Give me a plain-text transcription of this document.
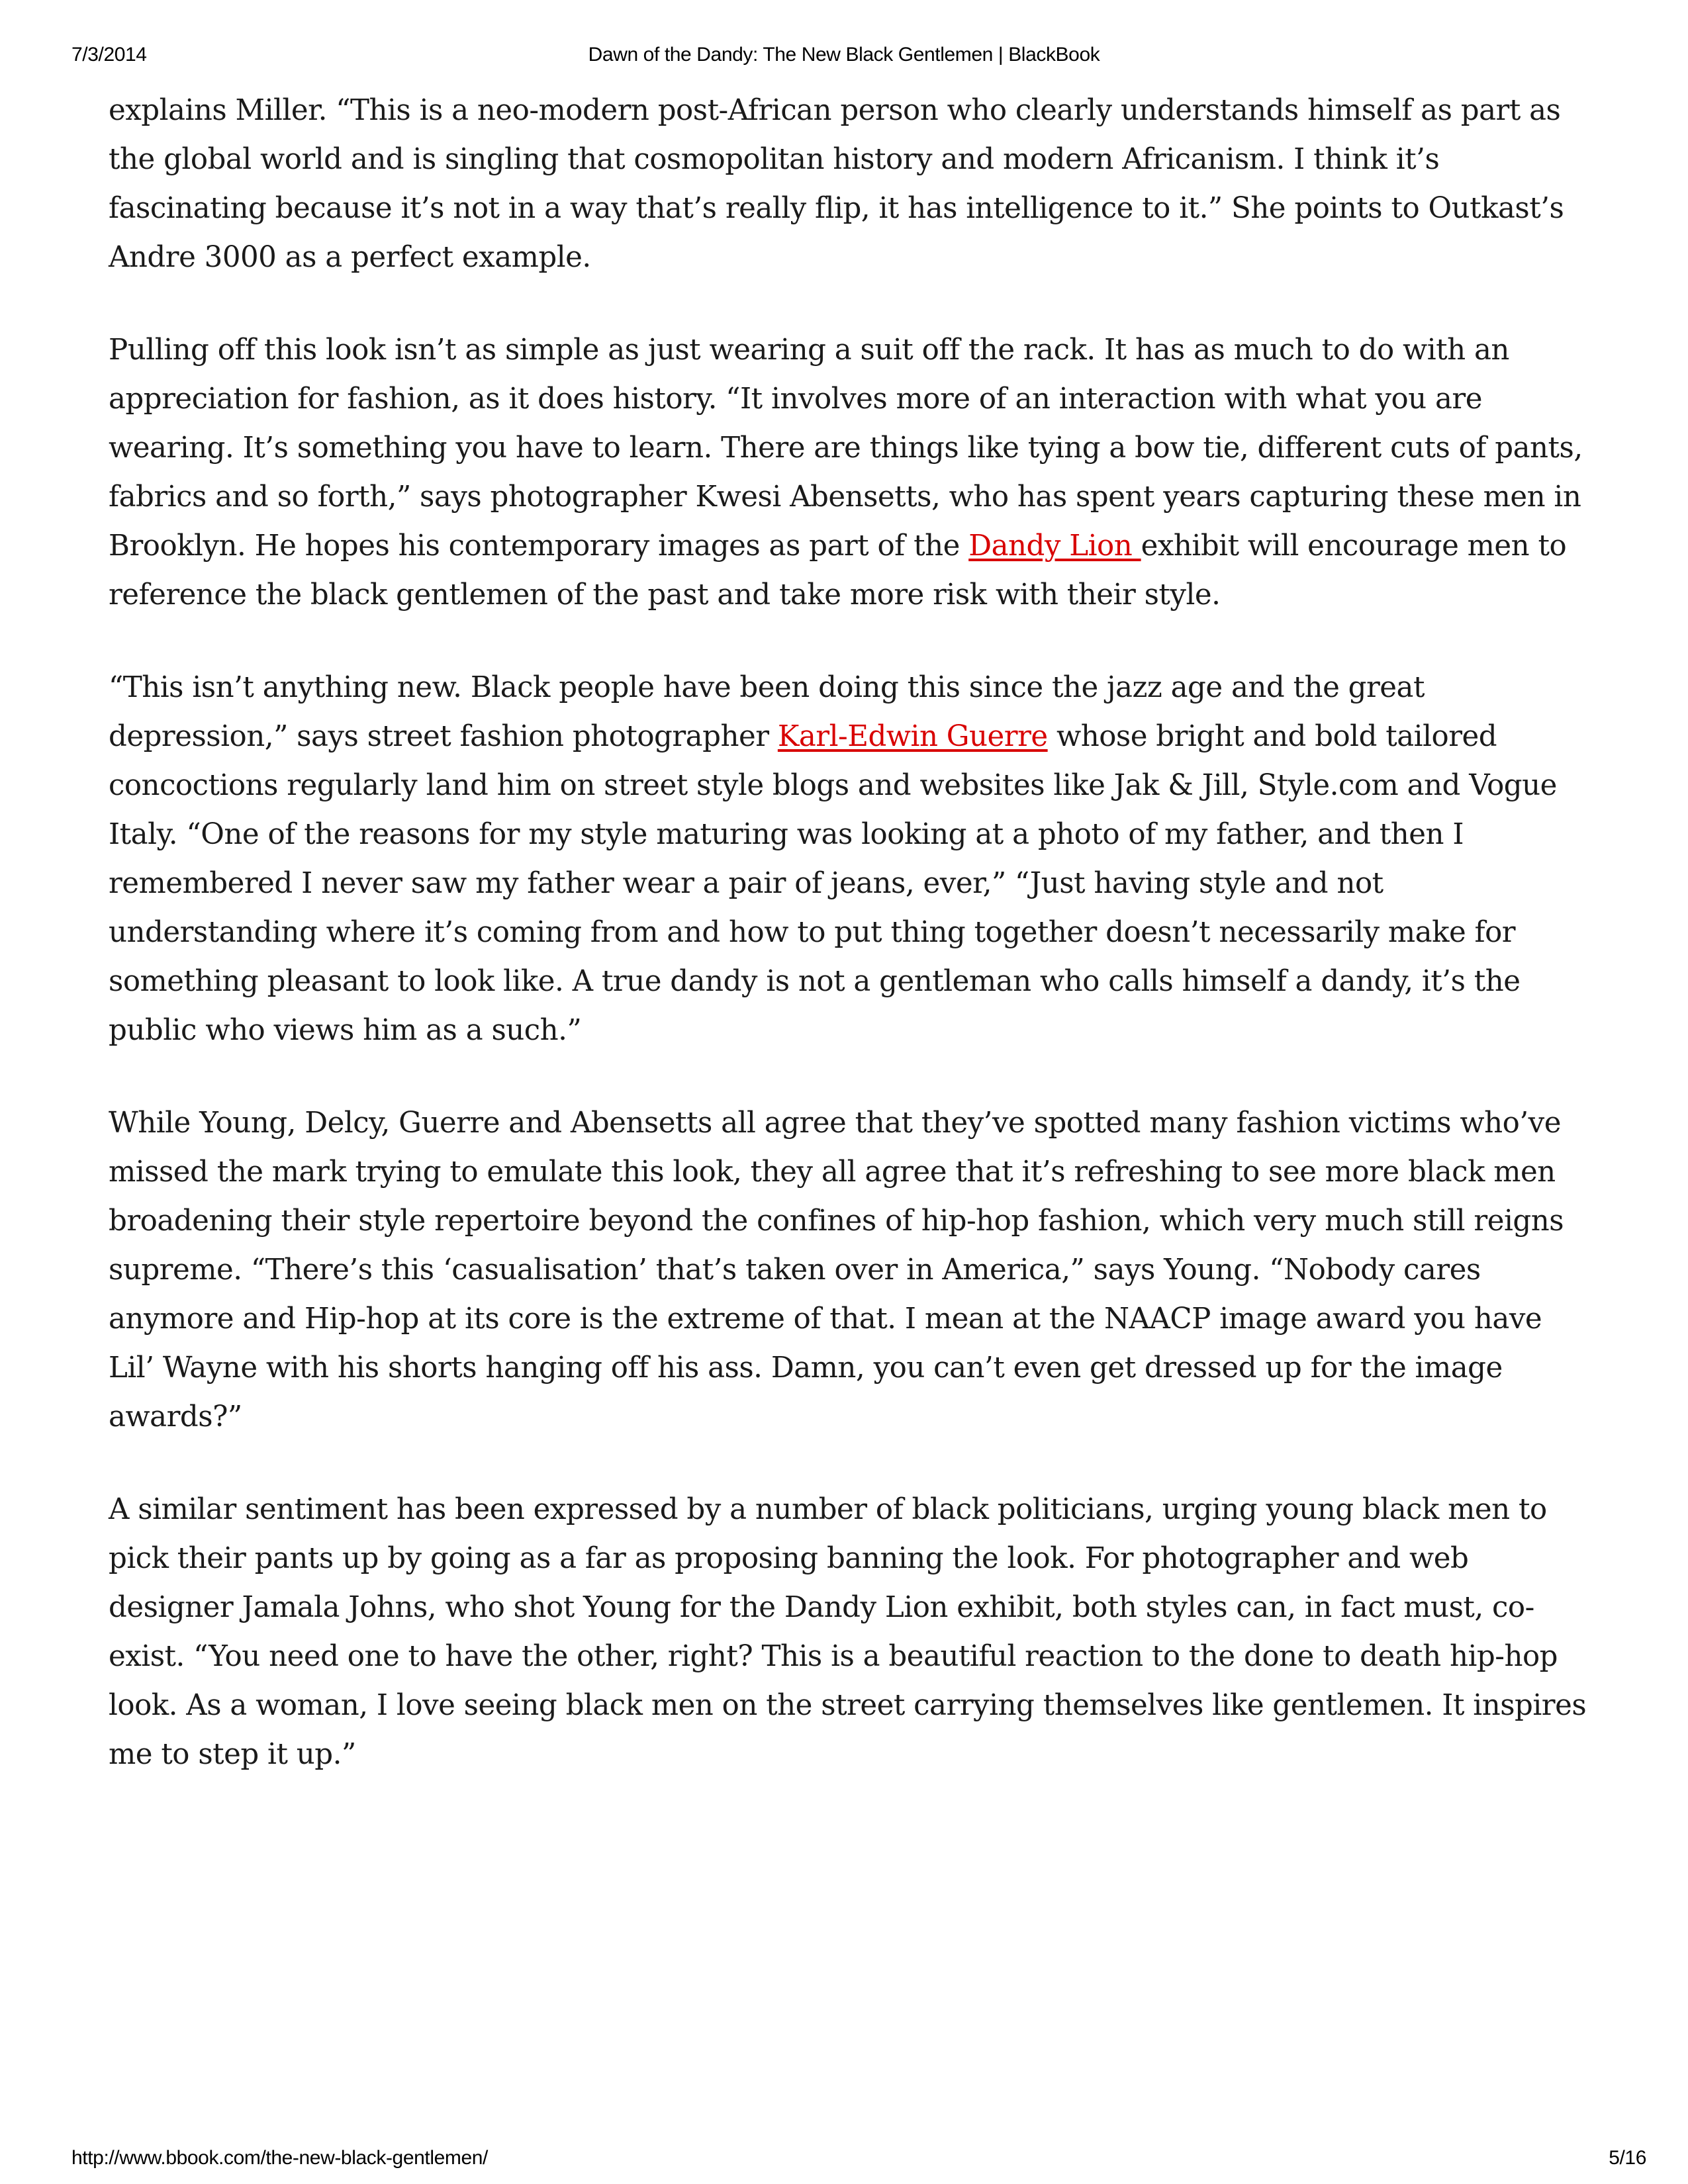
7/3/2014	Dawn of the Dandy: The New Black Gentlemen | BlackBook

explains Miller. “This is a neo-modern post-African person who clearly understands himself as part as
the global world and is singling that cosmopolitan history and modern Africanism. I think it’s
fascinating because it’s not in a way that’s really flip, it has intelligence to it.” She points to Outkast’s
Andre 3000 as a perfect example.

Pulling off this look isn’t as simple as just wearing a suit off the rack. It has as much to do with an
appreciation for fashion, as it does history. “It involves more of an interaction with what you are
wearing. It’s something you have to learn. There are things like tying a bow tie, different cuts of pants,
fabrics and so forth,” says photographer Kwesi Abensetts, who has spent years capturing these men in
Brooklyn. He hopes his contemporary images as part of the Dandy Lion exhibit will encourage men to
reference the black gentlemen of the past and take more risk with their style.

“This isn’t anything new. Black people have been doing this since the jazz age and the great
depression,” says street fashion photographer Karl-Edwin Guerre whose bright and bold tailored
concoctions regularly land him on street style blogs and websites like Jak & Jill, Style.com and Vogue
Italy. “One of the reasons for my style maturing was looking at a photo of my father, and then I
remembered I never saw my father wear a pair of jeans, ever,” “Just having style and not
understanding where it’s coming from and how to put thing together doesn’t necessarily make for
something pleasant to look like. A true dandy is not a gentleman who calls himself a dandy, it’s the
public who views him as a such.”

While Young, Delcy, Guerre and Abensetts all agree that they’ve spotted many fashion victims who’ve
missed the mark trying to emulate this look, they all agree that it’s refreshing to see more black men
broadening their style repertoire beyond the confines of hip-hop fashion, which very much still reigns
supreme. “There’s this ‘casualisation’ that’s taken over in America,” says Young. “Nobody cares
anymore and Hip-hop at its core is the extreme of that. I mean at the NAACP image award you have
Lil’ Wayne with his shorts hanging off his ass. Damn, you can’t even get dressed up for the image
awards?”

A similar sentiment has been expressed by a number of black politicians, urging young black men to
pick their pants up by going as a far as proposing banning the look. For photographer and web
designer Jamala Johns, who shot Young for the Dandy Lion exhibit, both styles can, in fact must, co-
exist. “You need one to have the other, right? This is a beautiful reaction to the done to death hip-hop
look. As a woman, I love seeing black men on the street carrying themselves like gentlemen. It inspires
me to step it up.”

http://www.bbook.com/the-new-black-gentlemen/	5/16
